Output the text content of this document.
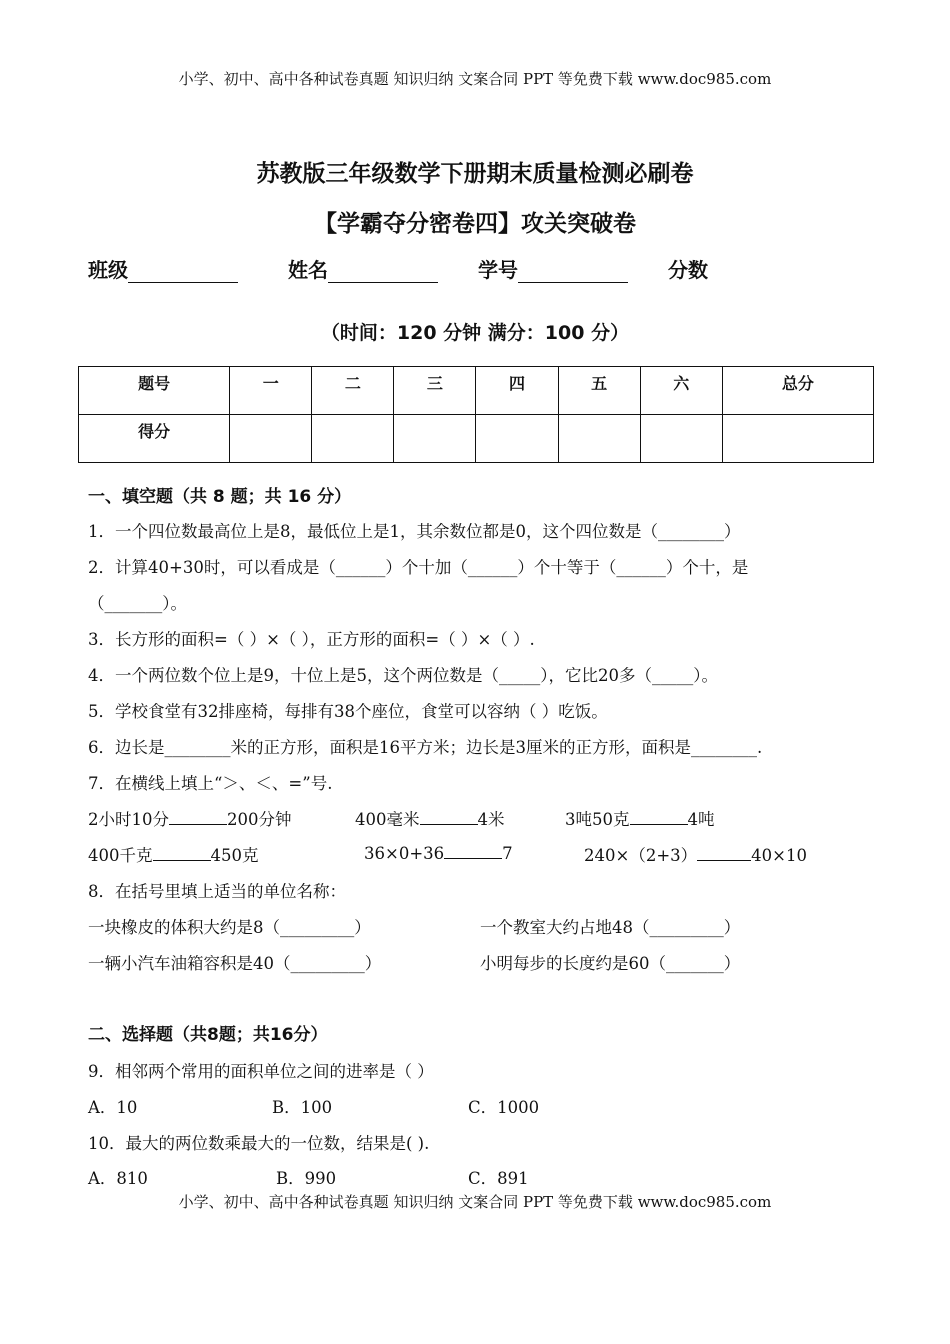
小学、初中、高中各种试卷真题 知识归纳 文案合同 PPT 等免费下载 www.doc985.com
苏教版三年级数学下册期末质量检测必刷卷
【学霸夺分密卷四】攻关突破卷
班级	姓名	学号	分数
（时间：120 分钟 满分：100 分）
题号	一	二	三	四	五	六	总分
得分							
一、填空题（共 8 题；共 16 分）
1．一个四位数最高位上是8，最低位上是1，其余数位都是0，这个四位数是（________）
2．计算40+30时，可以看成是（______）个十加（______）个十等于（______）个十，是
（_______）。
3．长方形的面积=（ ）×（ ），正方形的面积=（ ）×（ ）.
4．一个两位数个位上是9，十位上是5，这个两位数是（_____），它比20多（_____）。
5．学校食堂有32排座椅，每排有38个座位，食堂可以容纳（ ）吃饭。
6．边长是________米的正方形，面积是16平方米；边长是3厘米的正方形，面积是________.
7．在横线上填上“＞、＜、=”号.
2小时10分	200分钟	400毫米	4米	3吨50克	4吨
400千克	450克	36×0+36	7	240×（2+3）	40×10
8．在括号里填上适当的单位名称：
一块橡皮的体积大约是8（_________）	一个教室大约占地48（_________）
一辆小汽车油箱容积是40（_________）	小明每步的长度约是60（_______）
二、选择题（共8题；共16分）
9．相邻两个常用的面积单位之间的进率是（ ）
A．10	B．100	C．1000
10．最大的两位数乘最大的一位数，结果是( ).
A．810	B．990	C．891
小学、初中、高中各种试卷真题 知识归纳 文案合同 PPT 等免费下载 www.doc985.com
